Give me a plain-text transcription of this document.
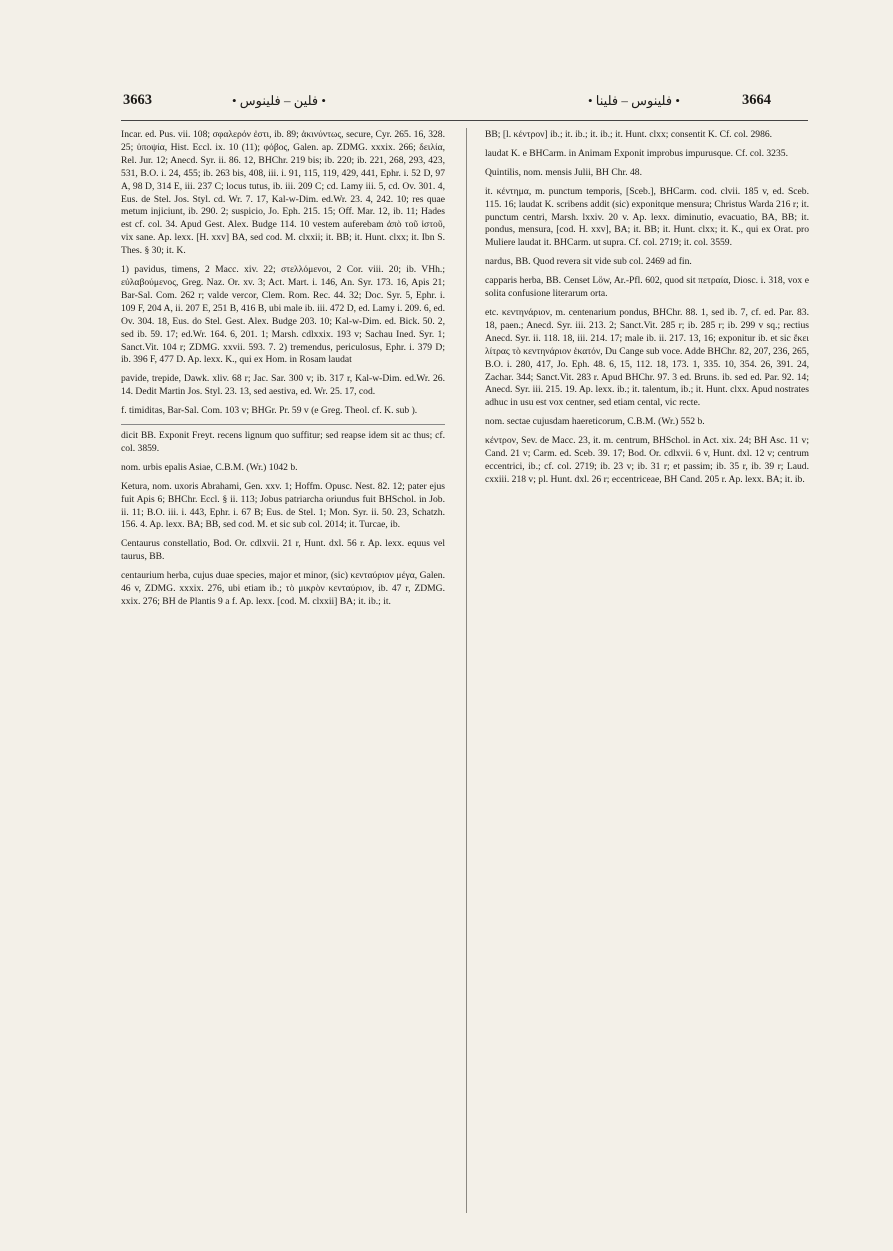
3663	• فلين – فلينوس •	• فلينوس – فلينا •	3664

Incar. ed. Pus. vii. 108; σφαλερόν ἐστι, ib. 89; ἀκινύντως, secure, Cyr. 265. 16, 328. 25; ὑποψία, Hist. Eccl. ix. 10 (11); φόβος, Galen. ap. ZDMG. xxxix. 266; δειλία, Rel. Jur. 12; Anecd. Syr. ii. 86. 12, BHChr. 219 bis; ib. 220; ib. 221, 268, 293, 423, 531, B.O. i. 24, 455; ib. 263 bis, 408, iii. i. 91, 115, 119, 429, 441, Ephr. i. 52 D, 97 A, 98 D, 314 E, iii. 237 C; locus tutus, ib. iii. 209 C; cd. Lamy iii. 5, cd. Ov. 301. 4, Eus. de Stel. Jos. Styl. cd. Wr. 7. 17, Kal-w-Dim. ed.Wr. 23. 4, 242. 10; res quae metum injiciunt, ib. 290. 2; suspicio, Jo. Eph. 215. 15; Off. Mar. 12, ib. 11; Hades est cf. col. 34. Apud Gest. Alex. Budge 114. 10 vestem auferebam ἀπὸ τοῦ ἱστοῦ, vix sane. Ap. lexx. [H. xxv] BA, sed cod. M. clxxii; it. BB; it. Hunt. clxx; it. Ibn S. Thes. § 30; it. K.

1) pavidus, timens, 2 Macc. xiv. 22; στελλόμενοι, 2 Cor. viii. 20; ib. VHh.; εὐλαβούμενος, Greg. Naz. Or. xv. 3; Act. Mart. i. 146, An. Syr. 173. 16, Apis 21; Bar-Sal. Com. 262 r; valde vercor, Clem. Rom. Rec. 44. 32; Doc. Syr. 5, Ephr. i. 109 F, 204 A, ii. 207 E, 251 B, 416 B, ubi male ib. iii. 472 D, ed. Lamy i. 209. 6, ed. Ov. 304. 18, Eus. do Stel. Gest. Alex. Budge 203. 10; Kal-w-Dim. ed. Bick. 50. 2, sed ib. 59. 17; ed.Wr. 164. 6, 201. 1; Marsh. cdlxxix. 193 v; Sachau Ined. Syr. 1; Sanct.Vit. 104 r; ZDMG. xxvii. 593. 7. 2) tremendus, periculosus, Ephr. i. 379 D; ib. 396 F, 477 D. Ap. lexx. K., qui ex Hom. in Rosam laudat

pavide, trepide, Dawk. xliv. 68 r; Jac. Sar. 300 v; ib. 317 r, Kal-w-Dim. ed.Wr. 26. 14. Dedit Martin Jos. Styl. 23. 13, sed aestiva, ed. Wr. 25. 17, cod.

f. timiditas, Bar-Sal. Com. 103 v; BHGr. Pr. 59 v (e Greg. Theol. cf. K. sub ).

dicit BB. Exponit Freyt. recens lignum quo suffitur; sed reapse idem sit ac thus; cf. col. 3859.

nom. urbis epalis Asiae, C.B.M. (Wr.) 1042 b.

Ketura, nom. uxoris Abrahami, Gen. xxv. 1; Hoffm. Opusc. Nest. 82. 12; pater ejus fuit Apis 6; BHChr. Eccl. § ii. 113; Jobus patriarcha oriundus fuit BHSchol. in Job. ii. 11; B.O. iii. i. 443, Ephr. i. 67 B; Eus. de Stel. 1; Mon. Syr. ii. 50. 23, Schatzh. 156. 4. Ap. lexx. BA; BB, sed cod. M. et sic sub col. 2014; it. Turcae, ib.

Centaurus constellatio, Bod. Or. cdlxvii. 21 r, Hunt. dxl. 56 r. Ap. lexx. equus vel taurus, BB.

centaurium herba, cujus duae species, major et minor, (sic) κενταύριον μέγα, Galen. 46 v, ZDMG. xxxix. 276, ubi etiam ib.; τὸ μικρὸν κενταύριον, ib. 47 r, ZDMG. xxix. 276; BH de Plantis 9 a f. Ap. lexx. [cod. M. clxxii] BA; it. ib.; it.

BB; [l. κέντρον] ib.; it. ib.; it. ib.; it. Hunt. clxx; consentit K. Cf. col. 2986.

laudat K. e BHCarm. in Animam Exponit improbus impurusque. Cf. col. 3235.

Quintilis, nom. mensis Julii, BH Chr. 48.

it. κέντημα, m. punctum temporis, [Sceb.], BHCarm. cod. clvii. 185 v, ed. Sceb. 115. 16; laudat K. scribens addit (sic) exponitque mensura; Christus Warda 216 r; it. punctum centri, Marsh. lxxiv. 20 v. Ap. lexx. diminutio, evacuatio, BA, BB; it. pondus, mensura, [cod. H. xxv], BA; it. BB; it. Hunt. clxx; it. K., qui ex Orat. pro Muliere laudat it. BHCarm. ut supra. Cf. col. 2719; it. col. 3559.

nardus, BB. Quod revera sit vide sub col. 2469 ad fin.

capparis herba, BB. Censet Löw, Ar.-Pfl. 602, quod sit πετραία, Diosc. i. 318, vox e solita confusione literarum orta.

etc. κεντηνάριον, m. centenarium pondus, BHChr. 88. 1, sed ib. 7, cf. ed. Par. 83. 18, paen.; Anecd. Syr. iii. 213. 2; Sanct.Vit. 285 r; ib. 285 r; ib. 299 v sq.; rectius Anecd. Syr. ii. 118. 18, iii. 214. 17; male ib. ii. 217. 13, 16; exponitur ib. et sic ἔκει λίτρας τὸ κεντηνάριον ἑκατόν, Du Cange sub voce. Adde BHChr. 82, 207, 236, 265, B.O. i. 280, 417, Jo. Eph. 48. 6, 15, 112. 18, 173. 1, 335. 10, 354. 26, 391. 24, Zachar. 344; Sanct.Vit. 283 r. Apud BHChr. 97. 3 ed. Bruns. ib. sed ed. Par. 92. 14; Anecd. Syr. iii. 215. 19. Ap. lexx. ib.; it. talentum, ib.; it. Hunt. clxx. Apud nostrates adhuc in usu est vox centner, sed etiam cental, vic recte.

nom. sectae cujusdam haereticorum, C.B.M. (Wr.) 552 b.

κέντρον, Sev. de Macc. 23, it. m. centrum, BHSchol. in Act. xix. 24; BH Asc. 11 v; Cand. 21 v; Carm. ed. Sceb. 39. 17; Bod. Or. cdlxvii. 6 v, Hunt. dxl. 12 v; centrum eccentrici, ib.; cf. col. 2719; ib. 23 v; ib. 31 r; et passim; ib. 35 r, ib. 39 r; Laud. cxxiii. 218 v; pl. Hunt. dxl. 26 r; eccentriceae, BH Cand. 205 r. Ap. lexx. BA; it. ib.
